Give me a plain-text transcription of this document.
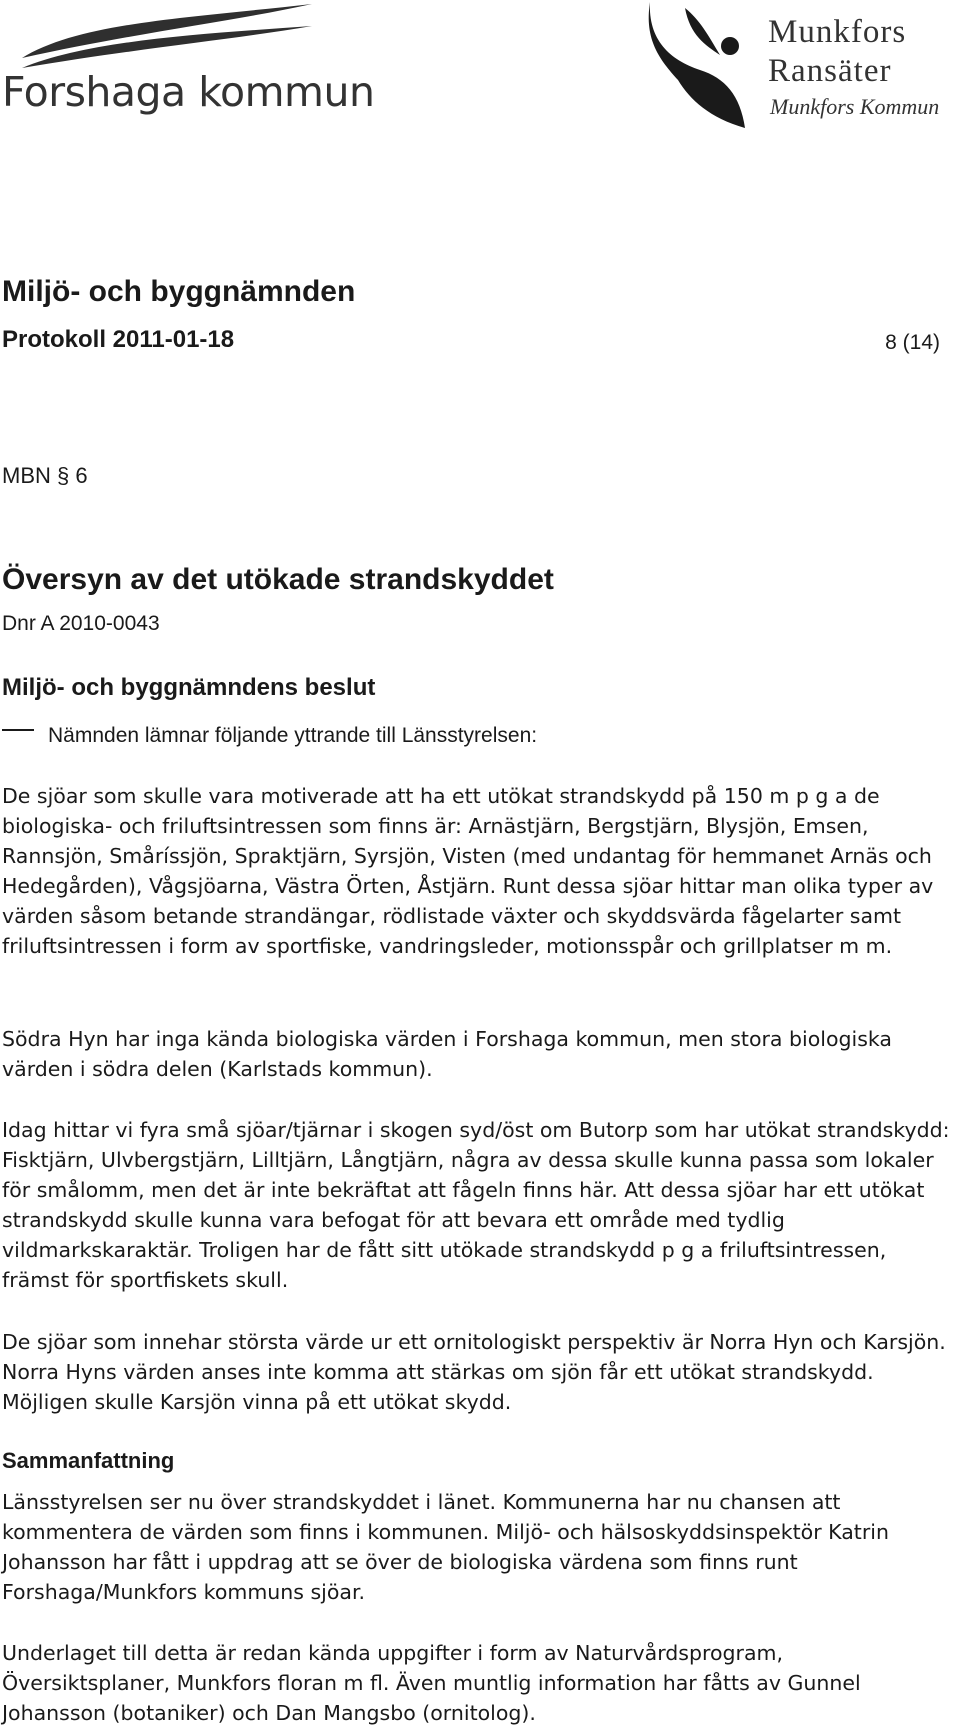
Forshaga kommun
Munkfors
Ransäter
Munkfors Kommun
Miljö- och byggnämnden
Protokoll 2011-01-18	8 (14)
MBN § 6
Översyn av det utökade strandskyddet
Dnr A 2010-0043
Miljö- och byggnämndens beslut
Nämnden lämnar följande yttrande till Länsstyrelsen:

De sjöar som skulle vara motiverade att ha ett utökat strandskydd på 150 m p g a de biologiska- och friluftsintressen som finns är: Arnästjärn, Bergstjärn, Blysjön, Emsen, Rannsjön, Småríssjön, Spraktjärn, Syrsjön, Visten (med undantag för hemmanet Arnäs och Hedegården), Vågsjöarna, Västra Örten, Åstjärn. Runt dessa sjöar hittar man olika typer av värden såsom betande strandängar, rödlistade växter och skyddsvärda fågelarter samt friluftsintressen i form av sportfiske, vandringsleder, motionsspår och grillplatser m m.

Södra Hyn har inga kända biologiska värden i Forshaga kommun, men stora biologiska värden i södra delen (Karlstads kommun).

Idag hittar vi fyra små sjöar/tjärnar i skogen syd/öst om Butorp som har utökat strandskydd: Fisktjärn, Ulvbergstjärn, Lilltjärn, Långtjärn, några av dessa skulle kunna passa som lokaler för smålomm, men det är inte bekräftat att fågeln finns här. Att dessa sjöar har ett utökat strandskydd skulle kunna vara befogat för att bevara ett område med tydlig vildmarkskaraktär. Troligen har de fått sitt utökade strandskydd p g a friluftsintressen, främst för sportfiskets skull.

De sjöar som innehar största värde ur ett ornitologiskt perspektiv är Norra Hyn och Karsjön. Norra Hyns värden anses inte komma att stärkas om sjön får ett utökat strandskydd. Möjligen skulle Karsjön vinna på ett utökat skydd.

Sammanfattning

Länsstyrelsen ser nu över strandskyddet i länet. Kommunerna har nu chansen att kommentera de värden som finns i kommunen. Miljö- och hälsoskyddsinspektör Katrin Johansson har fått i uppdrag att se över de biologiska värdena som finns runt Forshaga/Munkfors kommuns sjöar.

Underlaget till detta är redan kända uppgifter i form av Naturvårdsprogram, Översiktsplaner, Munkfors floran m fl. Även muntlig information har fåtts av Gunnel Johansson (botaniker) och Dan Mangsbo (ornitolog).
